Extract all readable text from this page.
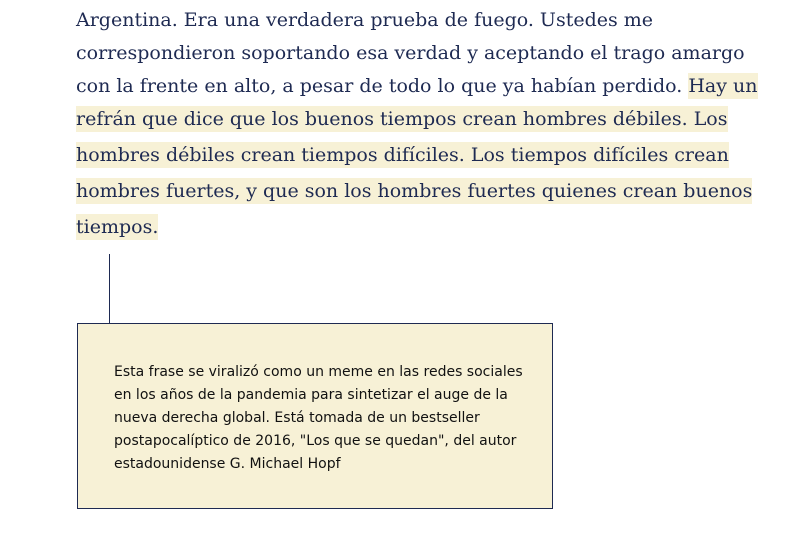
Argentina. Era una verdadera prueba de fuego. Ustedes me
correspondieron soportando esa verdad y aceptando el trago amargo
con la frente en alto, a pesar de todo lo que ya habían perdido. Hay un
refrán que dice que los buenos tiempos crean hombres débiles. Los
hombres débiles crean tiempos difíciles. Los tiempos difíciles crean
hombres fuertes, y que son los hombres fuertes quienes crean buenos
tiempos.
Esta frase se viralizó como un meme en las redes sociales
en los años de la pandemia para sintetizar el auge de la
nueva derecha global. Está tomada de un bestseller
postapocalíptico de 2016, "Los que se quedan", del autor
estadounidense G. Michael Hopf
